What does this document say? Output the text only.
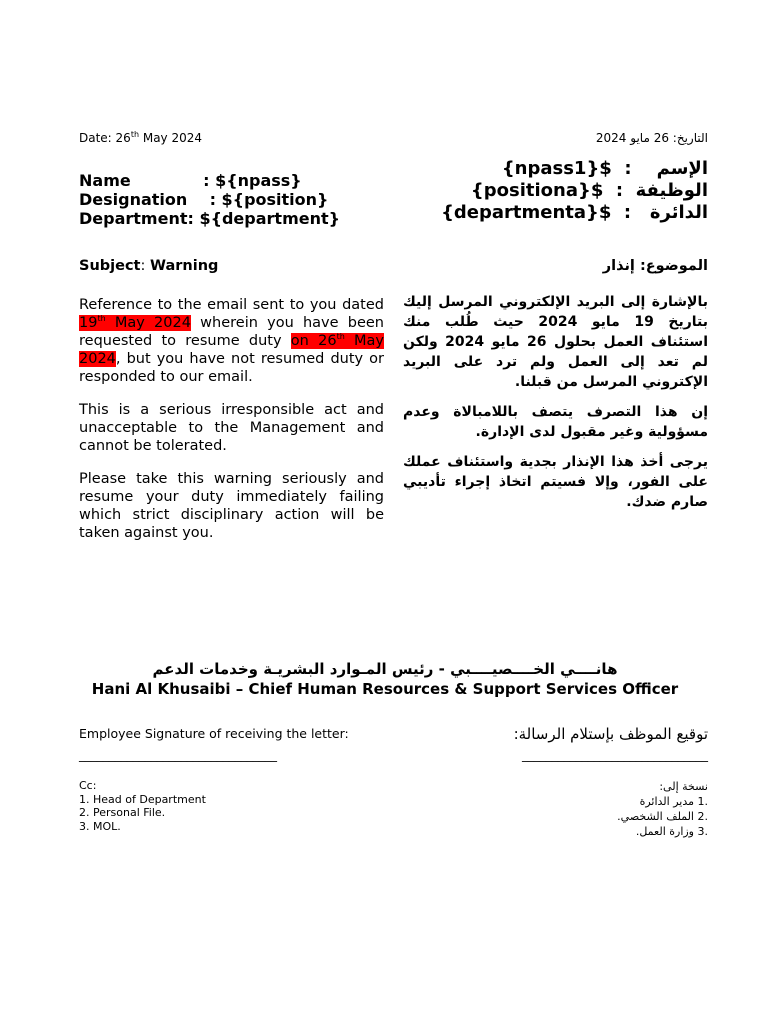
Date: 26th May 2024	التاريخ: 26 مايو 2024
Name             : ${npass}
Designation    : ${position}
Department: ${department}
الإسم    :  ${npass1}
الوظيفة  :  ${positiona}
الدائرة   :  ${departmenta}
Subject: Warning	الموضوع: إنذار

Reference to the email sent to you dated 19th May 2024 wherein you have been requested to resume duty on 26th May 2024, but you have not resumed duty or responded to our email.

This is a serious irresponsible act and unacceptable to the Management and cannot be tolerated.

Please take this warning seriously and resume your duty immediately failing which strict disciplinary action will be taken against you.

بالإشارة إلى البريد الإلكتروني المرسل إليك بتاريخ 19 مايو 2024 حيث طُلب منك استئناف العمل بحلول 26 مايو 2024 ولكن لم تعد إلى العمل ولم ترد على البريد الإكتروني المرسل من قبلنا.

إن هذا التصرف يتصف باللامبالاة وعدم مسؤولية وغير مقبول لدى الإدارة.

يرجى أخذ هذا الإنذار بجدية واستئناف عملك على الفور، وإلا فسيتم اتخاذ إجراء تأديبي صارم ضدك.

هانــــي الخــــصيــــبي - رئيس المـوارد البشريـة وخدمات الدعم
Hani Al Khusaibi – Chief Human Resources & Support Services Officer
Employee Signature of receiving the letter:	توقيع الموظف بإستلام الرسالة:
_________________________________	_______________________________
Cc:
1. Head of Department
2. Personal File.
3. MOL.
نسخة إلى:
.1 مدير الدائرة
.2 الملف الشخصي.
.3 وزارة العمل.
